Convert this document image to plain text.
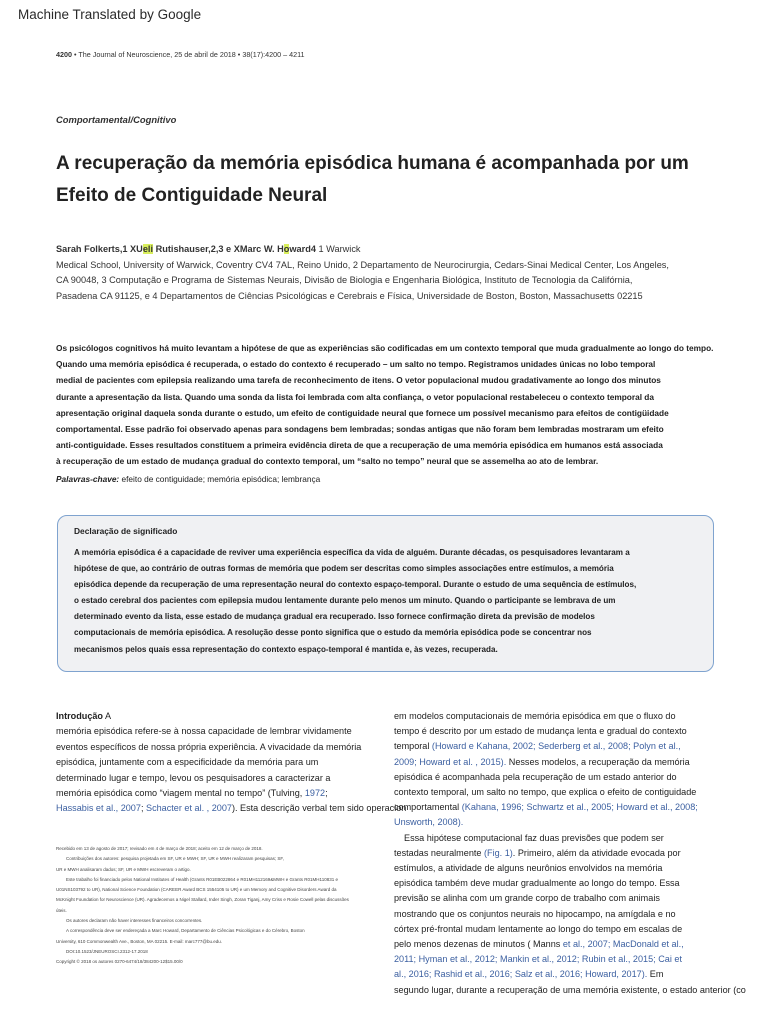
Machine Translated by Google
4200 • The Journal of Neuroscience, 25 de abril de 2018 • 38(17):4200 – 4211
Comportamental/Cognitivo
A recuperação da memória episódica humana é acompanhada por um
Efeito de Contiguidade Neural
Sarah Folkerts,1 XUeli Rutishauser,2,3 e XMarc W. Howard4 1 Warwick
Medical School, University of Warwick, Coventry CV4 7AL, Reino Unido, 2 Departamento de Neurocirurgia, Cedars-Sinai Medical Center, Los Angeles,
CA 90048, 3 Computação e Programa de Sistemas Neurais, Divisão de Biologia e Engenharia Biológica, Instituto de Tecnologia da Califórnia,
Pasadena CA 91125, e 4 Departamentos de Ciências Psicológicas e Cerebrais e Física, Universidade de Boston, Boston, Massachusetts 02215

Os psicólogos cognitivos há muito levantam a hipótese de que as experiências são codificadas em um contexto temporal que muda gradualmente ao longo do tempo.

Quando uma memória episódica é recuperada, o estado do contexto é recuperado – um salto no tempo. Registramos unidades únicas no lobo temporal

medial de pacientes com epilepsia realizando uma tarefa de reconhecimento de itens. O vetor populacional mudou gradativamente ao longo dos minutos

durante a apresentação da lista. Quando uma sonda da lista foi lembrada com alta confiança, o vetor populacional restabeleceu o contexto temporal da

apresentação original daquela sonda durante o estudo, um efeito de contiguidade neural que fornece um possível mecanismo para efeitos de contigüidade

comportamental. Esse padrão foi observado apenas para sondagens bem lembradas; sondas antigas que não foram bem lembradas mostraram um efeito

anti-contiguidade. Esses resultados constituem a primeira evidência direta de que a recuperação de uma memória episódica em humanos está associada

à recuperação de um estado de mudança gradual do contexto temporal, um “salto no tempo” neural que se assemelha ao ato de lembrar.

Palavras-chave: efeito de contiguidade; memória episódica; lembrança
Declaração de significado

A memória episódica é a capacidade de reviver uma experiência específica da vida de alguém. Durante décadas, os pesquisadores levantaram a

hipótese de que, ao contrário de outras formas de memória que podem ser descritas como simples associações entre estímulos, a memória

episódica depende da recuperação de uma representação neural do contexto espaço-temporal. Durante o estudo de uma sequência de estímulos,

o estado cerebral dos pacientes com epilepsia mudou lentamente durante pelo menos um minuto. Quando o participante se lembrava de um

determinado evento da lista, esse estado de mudança gradual era recuperado. Isso fornece confirmação direta da previsão de modelos

computacionais de memória episódica. A resolução desse ponto significa que o estudo da memória episódica pode se concentrar nos

mecanismos pelos quais essa representação do contexto espaço-temporal é mantida e, às vezes, recuperada.

Introdução A

memória episódica refere-se à nossa capacidade de lembrar vividamente

eventos específicos de nossa própria experiência. A vivacidade da memória

episódica, juntamente com a especificidade da memória para um

determinado lugar e tempo, levou os pesquisadores a caracterizar a

memória episódica como “viagem mental no tempo” (Tulving, 1972;

Hassabis et al., 2007; Schacter et al. , 2007). Esta descrição verbal tem sido operacion

Recebido em 13 de agosto de 2017; revisado em 4 de março de 2018; aceito em 12 de março de 2018.

Contribuições dos autores: pesquisa projetada em SF, UR e MWH; SF, UR e MWH realizaram pesquisas; SF,

UR e MWH analisaram dados; SF, UR e MWH escreveram o artigo.

Este trabalho foi financiado pelos National Institutes of Health (Grants R01EB022864 e R01MH112169&MWH e Grants R01MH110831 e

U01NS103792 to UR), National Science Foundation (CAREER Award BCS 1554105 to UR) e um Memory and Cognitive Disorders Award da

McKnight Foundation for Neuroscience (UR). Agradecemos a Nigel Stallard, Inder Singh, Zoran Tiganj, Amy Criss e Rosie Cowell pelas discussões

úteis.

Os autores declaram não haver interesses financeiros concorrentes.

A correspondência deve ser endereçada a Marc Howard, Departamento de Ciências Psicológicas e do Cérebro, Boston

University, 610 Commonwealth Ave., Boston, MA 02215. E-mail: marc777@bu.edu.

DOI:10.1523/JNEUROSCI.2312-17.2018

Copyright © 2018 os autores 0270-6474/18/384200-12$15.00/0

em modelos computacionais de memória episódica em que o fluxo do

tempo é descrito por um estado de mudança lenta e gradual do contexto

temporal (Howard e Kahana, 2002; Sederberg et al., 2008; Polyn et al.,

2009; Howard et al. , 2015). Nesses modelos, a recuperação da memória

episódica é acompanhada pela recuperação de um estado anterior do

contexto temporal, um salto no tempo, que explica o efeito de contiguidade

comportamental (Kahana, 1996; Schwartz et al., 2005; Howard et al., 2008;

Unsworth, 2008).

Essa hipótese computacional faz duas previsões que podem ser

testadas neuralmente (Fig. 1). Primeiro, além da atividade evocada por

estímulos, a atividade de alguns neurônios envolvidos na memória

episódica também deve mudar gradualmente ao longo do tempo. Essa

previsão se alinha com um grande corpo de trabalho com animais

mostrando que os conjuntos neurais no hipocampo, na amígdala e no

córtex pré-frontal mudam lentamente ao longo do tempo em escalas de

pelo menos dezenas de minutos ( Manns et al., 2007; MacDonald et al.,

2011; Hyman et al., 2012; Mankin et al., 2012; Rubin et al., 2015; Cai et

al., 2016; Rashid et al., 2016; Salz et al., 2016; Howard, 2017). Em

segundo lugar, durante a recuperação de uma memória existente, o estado anterior (co
